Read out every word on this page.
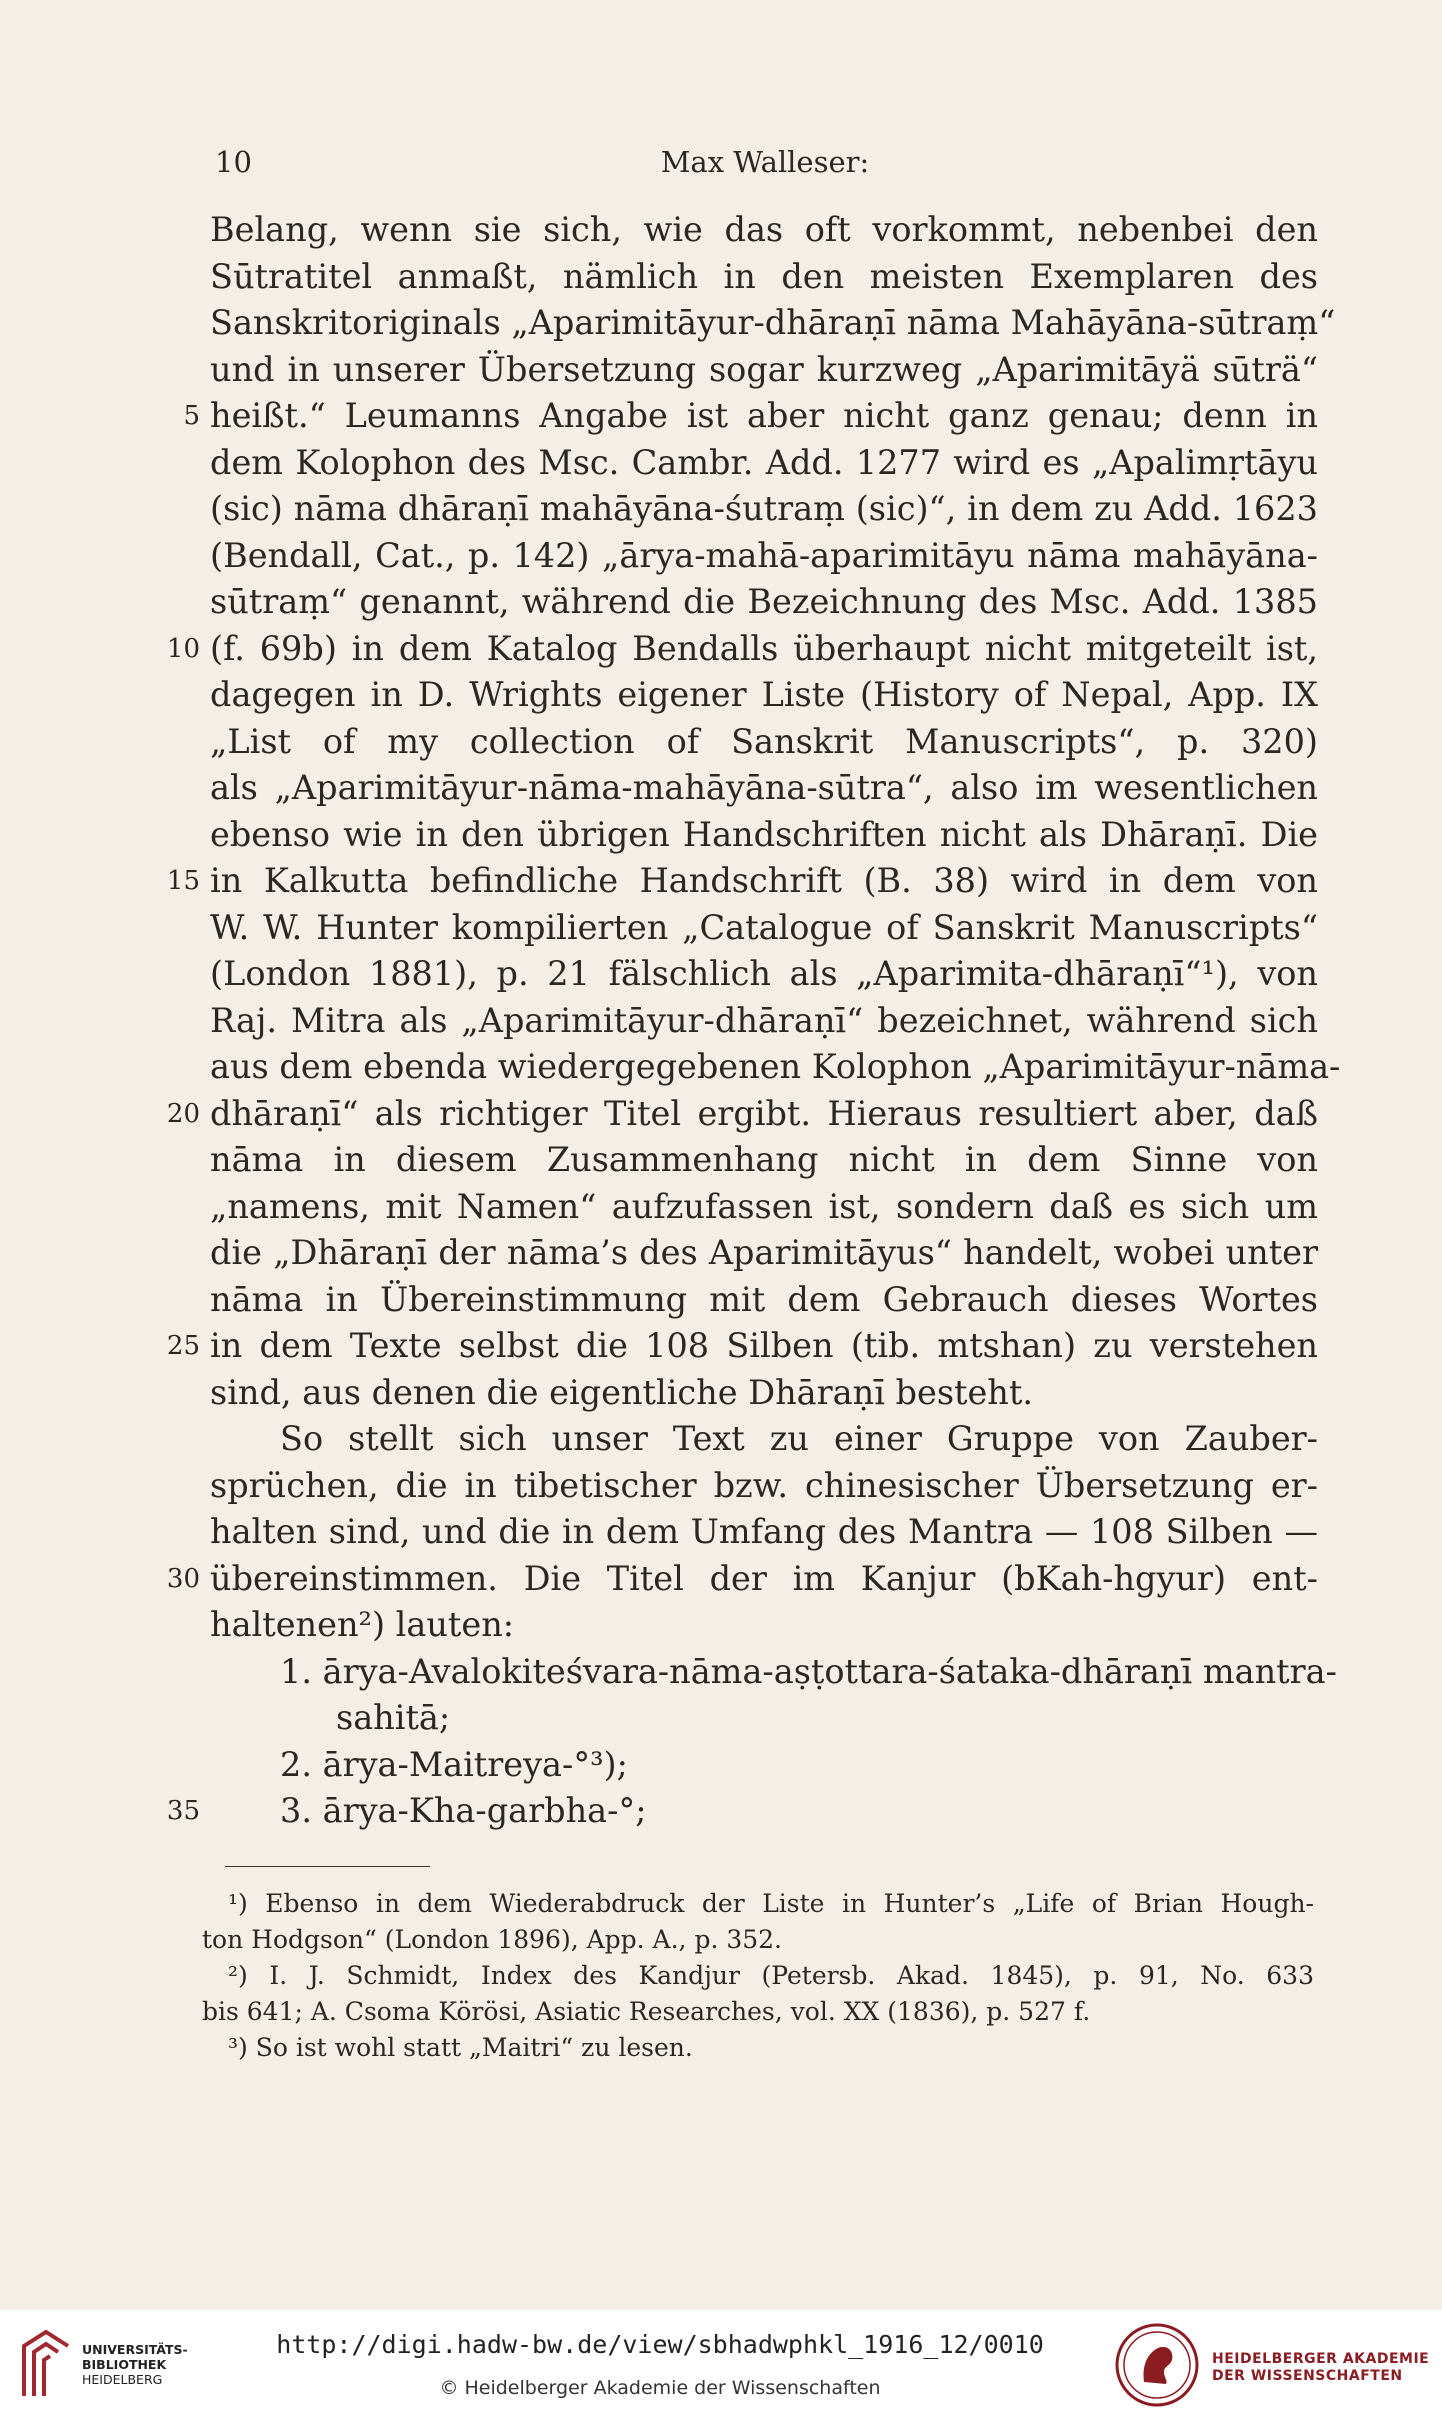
10	Max Walleser:
Belang, wenn sie sich, wie das oft vorkommt, nebenbei den
Sūtratitel anmaßt, nämlich in den meisten Exemplaren des
Sanskritoriginals „Aparimitāyur-dhāraṇī nāma Mahāyāna-sūtraṃ“
und in unserer Übersetzung sogar kurzweg „Aparimitāyä sūträ“
5 heißt.“ Leumanns Angabe ist aber nicht ganz genau; denn in
dem Kolophon des Msc. Cambr. Add. 1277 wird es „Apalimṛtāyu
(sic) nāma dhāraṇī mahāyāna-śutraṃ (sic)“, in dem zu Add. 1623
(Bendall, Cat., p. 142) „ārya-mahā-aparimitāyu nāma mahāyāna-
sūtraṃ“ genannt, während die Bezeichnung des Msc. Add. 1385
10 (f. 69b) in dem Katalog Bendalls überhaupt nicht mitgeteilt ist,
dagegen in D. Wrights eigener Liste (History of Nepal, App. IX
„List of my collection of Sanskrit Manuscripts“, p. 320)
als „Aparimitāyur-nāma-mahāyāna-sūtra“, also im wesentlichen
ebenso wie in den übrigen Handschriften nicht als Dhāraṇī. Die
15 in Kalkutta befindliche Handschrift (B. 38) wird in dem von
W. W. Hunter kompilierten „Catalogue of Sanskrit Manuscripts“
(London 1881), p. 21 fälschlich als „Aparimita-dhāraṇī“¹), von
Raj. Mitra als „Aparimitāyur-dhāraṇī“ bezeichnet, während sich
aus dem ebenda wiedergegebenen Kolophon „Aparimitāyur-nāma-
20 dhāraṇī“ als richtiger Titel ergibt. Hieraus resultiert aber, daß
nāma in diesem Zusammenhang nicht in dem Sinne von
„namens, mit Namen“ aufzufassen ist, sondern daß es sich um
die „Dhāraṇī der nāma’s des Aparimitāyus“ handelt, wobei unter
nāma in Übereinstimmung mit dem Gebrauch dieses Wortes
25 in dem Texte selbst die 108 Silben (tib. mtshan) zu verstehen
sind, aus denen die eigentliche Dhāraṇī besteht.
So stellt sich unser Text zu einer Gruppe von Zauber-
sprüchen, die in tibetischer bzw. chinesischer Übersetzung er-
halten sind, und die in dem Umfang des Mantra — 108 Silben —
30 übereinstimmen. Die Titel der im Kanjur (bKah-hgyur) ent-
haltenen²) lauten:
1. ārya-Avalokiteśvara-nāma-aṣṭottara-śataka-dhāraṇī mantra-
sahitā;
2. ārya-Maitreya-°³);
35 3. ārya-Kha-garbha-°;
¹) Ebenso in dem Wiederabdruck der Liste in Hunter’s „Life of Brian Hough-
ton Hodgson“ (London 1896), App. A., p. 352.
²) I. J. Schmidt, Index des Kandjur (Petersb. Akad. 1845), p. 91, No. 633
bis 641; A. Csoma Körösi, Asiatic Researches, vol. XX (1836), p. 527 f.
³) So ist wohl statt „Maitri“ zu lesen.
UNIVERSITÄTS-
BIBLIOTHEK
HEIDELBERG
http://digi.hadw-bw.de/view/sbhadwphkl_1916_12/0010
© Heidelberger Akademie der Wissenschaften
HEIDELBERGER AKADEMIE
DER WISSENSCHAFTEN
